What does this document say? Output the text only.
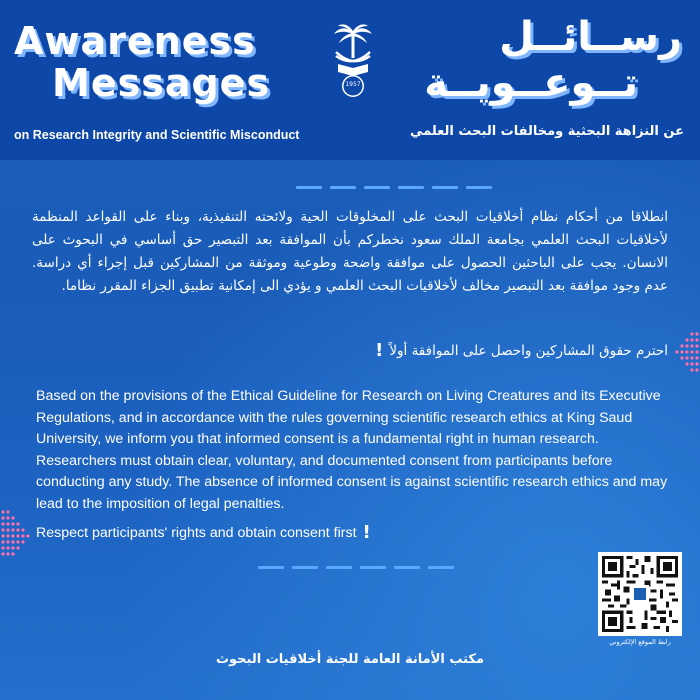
Awareness
Messages	1957
رســائــل
تــوعــويــة
on Research Integrity and Scientific Misconduct	عن النزاهة البحثية ومخالفات البحث العلمي
انطلاقا من أحكام نظام أخلاقيات البحث على المخلوقات الحية ولائحته التنفيذية، وبناء على القواعد المنظمة لأخلاقيات البحث العلمي بجامعة الملك سعود نخطركم بأن الموافقة بعد التبصير حق أساسي في البحوث على الانسان. يجب على الباحثين الحصول على موافقة واضحة وطوعية وموثقة من المشاركين قبل إجراء أي دراسة. عدم وجود موافقة بعد التبصير مخالف لأخلاقيات البحث العلمي و يؤدي الى إمكانية تطبيق الجزاء المقرر نظاما.
احترم حقوق المشاركين واحصل على الموافقة أولاً
!
Based on the provisions of the Ethical Guideline for Research on Living Creatures and its Executive Regulations, and in accordance with the rules governing scientific research ethics at King Saud University, we inform you that informed consent is a fundamental right in human research. Researchers must obtain clear, voluntary, and documented consent from participants before conducting any study. The absence of informed consent is against scientific research ethics and may lead to the imposition of legal penalties.
Respect participants' rights and obtain consent first !
رابط الموقع الإلكتروني
مكتب الأمانة العامة للجنة أخلاقيات البحوث
